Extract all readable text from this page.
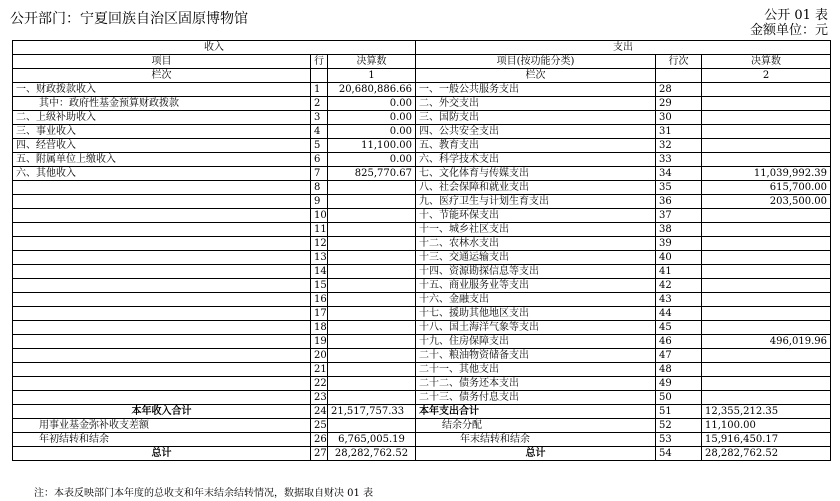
公开部门：宁夏回族自治区固原博物馆	公开 01 表
金额单位：元
收入			支出		
项目	行	决算数	项目(按功能分类)	行次	决算数
栏次		1	栏次		2
一、财政拨款收入	1	20,680,886.66	一、一般公共服务支出	28	
其中：政府性基金预算财政拨款	2	0.00	二、外交支出	29	
二、上级补助收入	3	0.00	三、国防支出	30	
三、事业收入	4	0.00	四、公共安全支出	31	
四、经营收入	5	11,100.00	五、教育支出	32	
五、附属单位上缴收入	6	0.00	六、科学技术支出	33	
六、其他收入	7	825,770.67	七、文化体育与传媒支出	34	11,039,992.39
	8		八、社会保障和就业支出	35	615,700.00
	9		九、医疗卫生与计划生育支出	36	203,500.00
	10		十、节能环保支出	37	
	11		十一、城乡社区支出	38	
	12		十二、农林水支出	39	
	13		十三、交通运输支出	40	
	14		十四、资源勘探信息等支出	41	
	15		十五、商业服务业等支出	42	
	16		十六、金融支出	43	
	17		十七、援助其他地区支出	44	
	18		十八、国土海洋气象等支出	45	
	19		十九、住房保障支出	46	496,019.96
	20		二十、粮油物资储备支出	47	
	21		二十一、其他支出	48	
	22		二十二、债务还本支出	49	
	23		二十三、债务付息支出	50	
本年收入合计	24	21,517,757.33	本年支出合计	51	12,355,212.35
用事业基金弥补收支差额	25		结余分配	52	11,100.00
年初结转和结余	26	6,765,005.19	年末结转和结余	53	15,916,450.17
总计	27	28,282,762.52	总计	54	28,282,762.52
注：本表反映部门本年度的总收支和年末结余结转情况，数据取自财决 01 表
